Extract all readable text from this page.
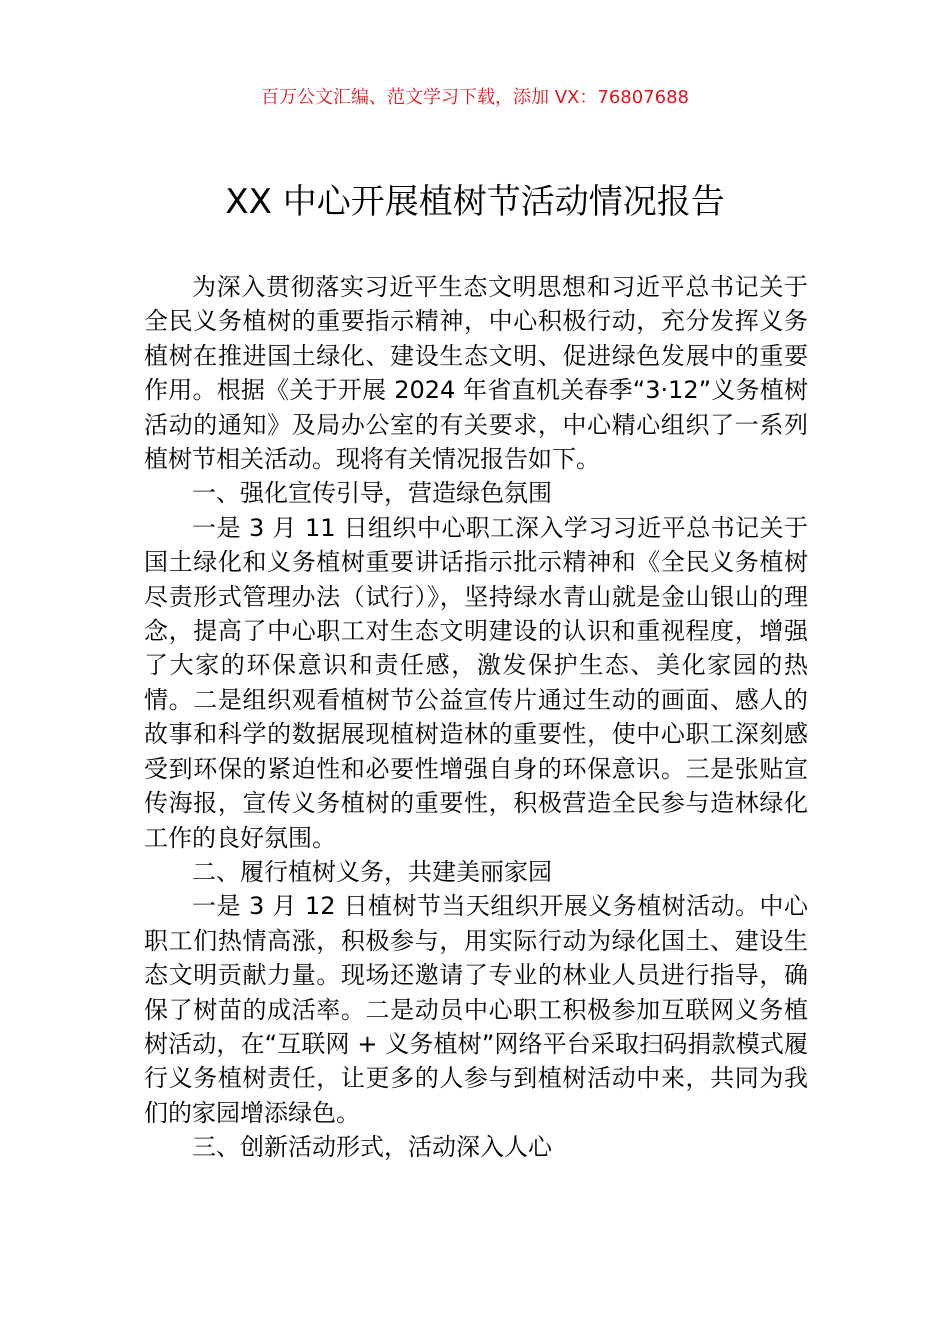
百万公文汇编、范文学习下载，添加 VX：76807688
XX 中心开展植树节活动情况报告

为深入贯彻落实习近平生态文明思想和习近平总书记关于全民义务植树的重要指示精神，中心积极行动，充分发挥义务植树在推进国土绿化、建设生态文明、促进绿色发展中的重要作用。根据《关于开展 2024 年省直机关春季“3·12”义务植树活动的通知》及局办公室的有关要求，中心精心组织了一系列植树节相关活动。现将有关情况报告如下。

一、强化宣传引导，营造绿色氛围

一是 3 月 11 日组织中心职工深入学习习近平总书记关于国土绿化和义务植树重要讲话指示批示精神和《全民义务植树尽责形式管理办法（试行）》，坚持绿水青山就是金山银山的理念，提高了中心职工对生态文明建设的认识和重视程度，增强了大家的环保意识和责任感，激发保护生态、美化家园的热情。二是组织观看植树节公益宣传片通过生动的画面、感人的故事和科学的数据展现植树造林的重要性，使中心职工深刻感受到环保的紧迫性和必要性增强自身的环保意识。三是张贴宣传海报，宣传义务植树的重要性，积极营造全民参与造林绿化工作的良好氛围。

二、履行植树义务，共建美丽家园

一是 3 月 12 日植树节当天组织开展义务植树活动。中心职工们热情高涨，积极参与，用实际行动为绿化国土、建设生态文明贡献力量。现场还邀请了专业的林业人员进行指导，确保了树苗的成活率。二是动员中心职工积极参加互联网义务植树活动，在“互联网 + 义务植树”网络平台采取扫码捐款模式履行义务植树责任，让更多的人参与到植树活动中来，共同为我们的家园增添绿色。

三、创新活动形式，活动深入人心
